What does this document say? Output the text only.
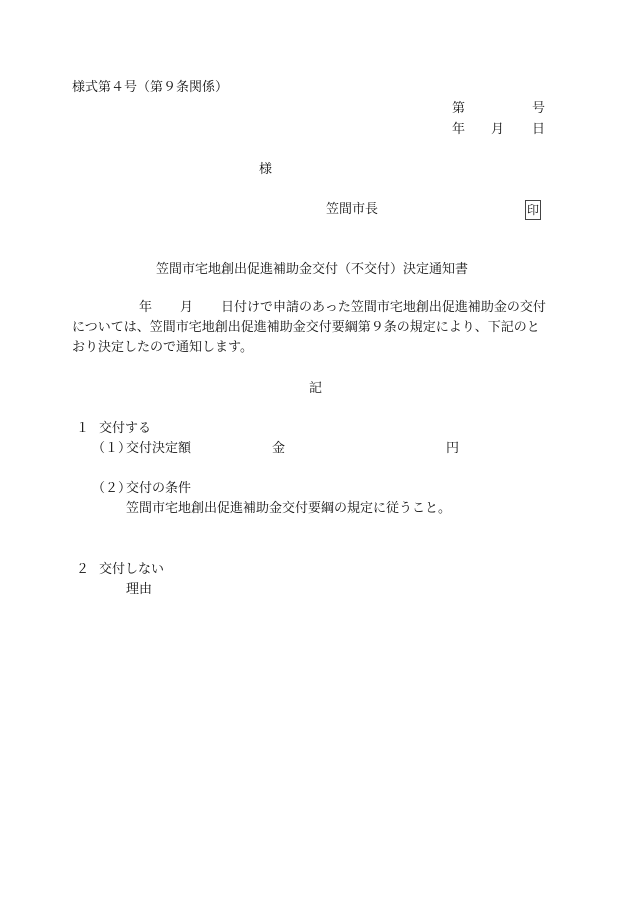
様式第４号（第９条関係）
第	号
年 月 日
様
笠間市長	印
笠間市宅地創出促進補助金交付（不交付）決定通知書
年 月 日付けで申請のあった笠間市宅地創出促進補助金の交付
については、笠間市宅地創出促進補助金交付要綱第９条の規定により、下記のと
おり決定したので通知します。
記
１ 交付する
（１）
交付決定額	金	円
（２）
交付の条件
笠間市宅地創出促進補助金交付要綱の規定に従うこと。
２ 交付しない
理由
